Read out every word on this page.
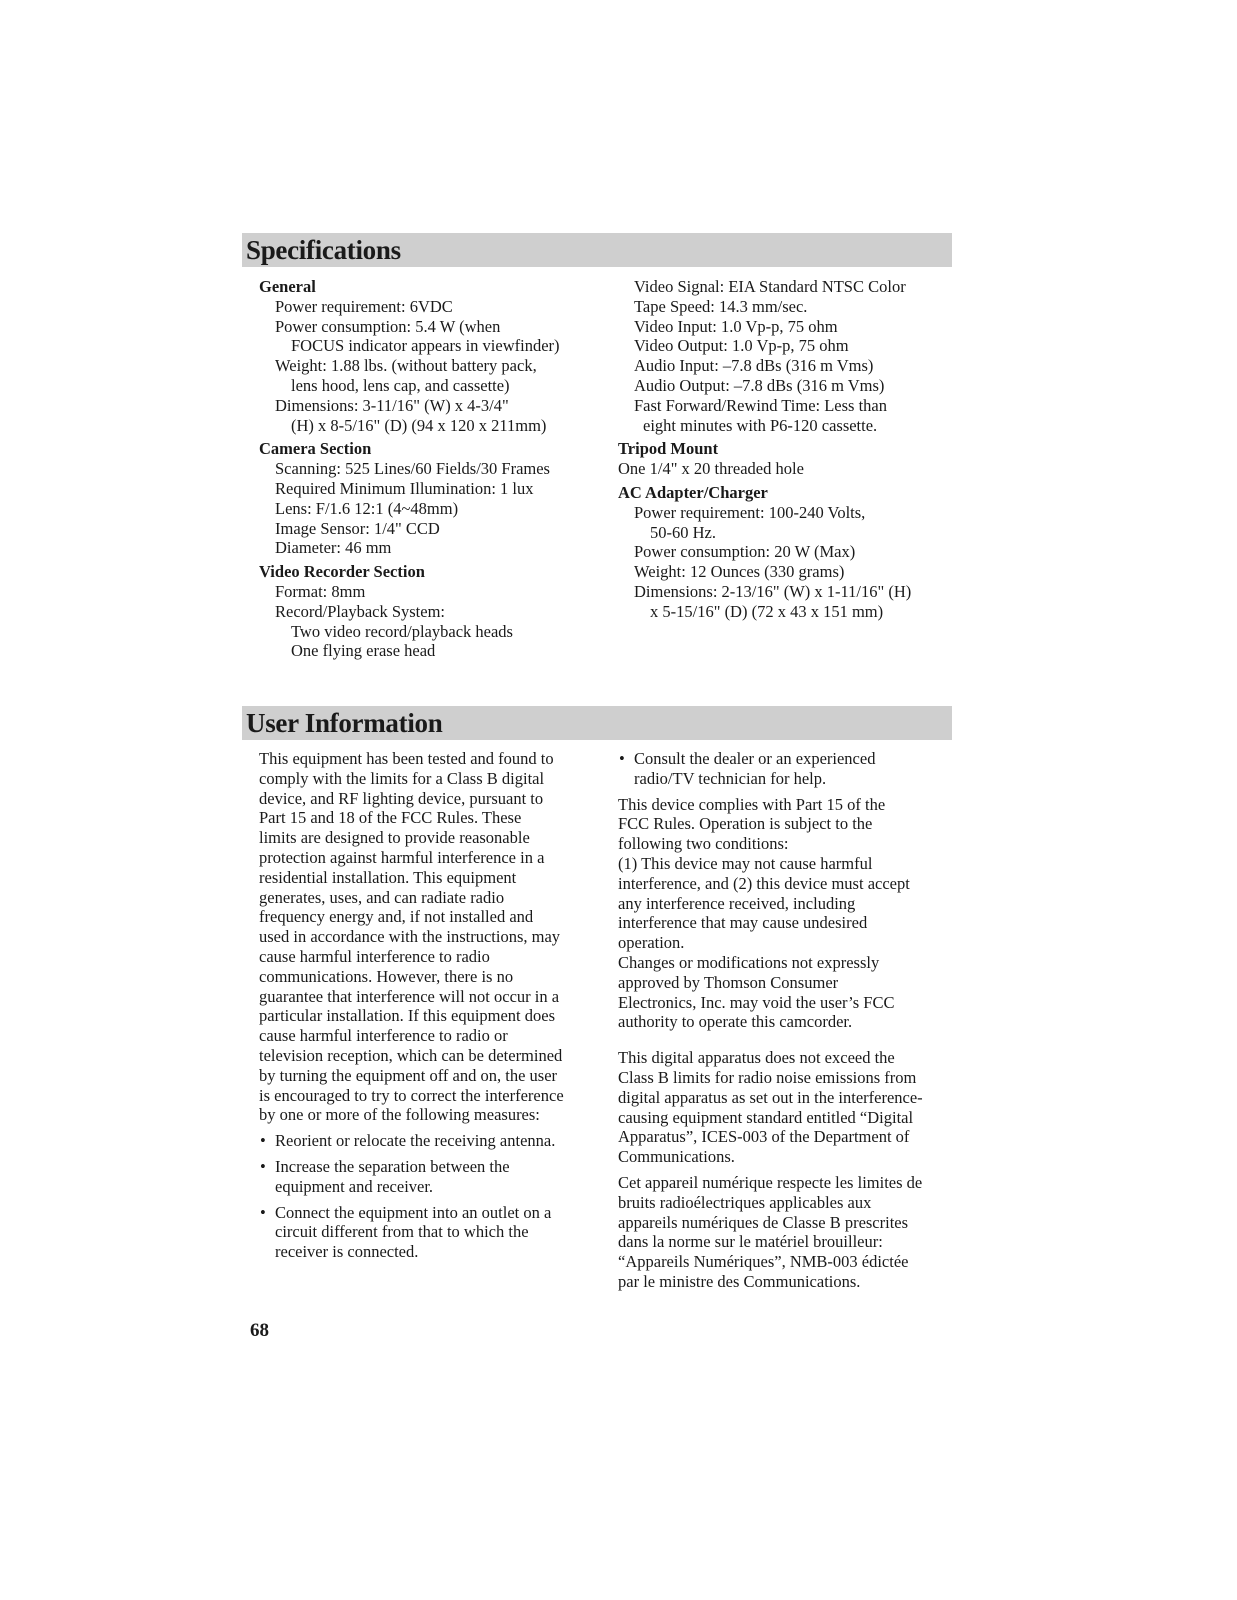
Specifications

General

Power requirement: 6VDC

Power consumption: 5.4 W (when

FOCUS indicator appears in viewfinder)

Weight: 1.88 lbs. (without battery pack,

lens hood, lens cap, and cassette)

Dimensions: 3-11/16" (W) x 4-3/4"

(H) x 8-5/16" (D) (94 x 120 x 211mm)

Camera Section

Scanning: 525 Lines/60 Fields/30 Frames

Required Minimum Illumination: 1 lux

Lens: F/1.6 12:1 (4~48mm)

Image Sensor: 1/4" CCD

Diameter: 46 mm

Video Recorder Section

Format: 8mm

Record/Playback System:

Two video record/playback heads

One flying erase head

Video Signal: EIA Standard NTSC Color

Tape Speed: 14.3 mm/sec.

Video Input: 1.0 Vp-p, 75 ohm

Video Output: 1.0 Vp-p, 75 ohm

Audio Input: –7.8 dBs (316 m Vms)

Audio Output: –7.8 dBs (316 m Vms)

Fast Forward/Rewind Time: Less than

eight minutes with P6-120 cassette.

Tripod Mount

One 1/4" x 20 threaded hole

AC Adapter/Charger

Power requirement: 100-240 Volts,

50-60 Hz.

Power consumption: 20 W (Max)

Weight: 12 Ounces (330 grams)

Dimensions: 2-13/16" (W) x 1-11/16" (H)

x 5-15/16" (D) (72 x 43 x 151 mm)

User Information

This equipment has been tested and found to

comply with the limits for a Class B digital

device, and RF lighting device, pursuant to

Part 15 and 18 of the FCC Rules. These

limits are designed to provide reasonable

protection against harmful interference in a

residential installation. This equipment

generates, uses, and can radiate radio

frequency energy and, if not installed and

used in accordance with the instructions, may

cause harmful interference to radio

communications. However, there is no

guarantee that interference will not occur in a

particular installation. If this equipment does

cause harmful interference to radio or

television reception, which can be determined

by turning the equipment off and on, the user

is encouraged to try to correct the interference

by one or more of the following measures:

• Reorient or relocate the receiving antenna.

• Increase the separation between the

equipment and receiver.

• Connect the equipment into an outlet on a

circuit different from that to which the

receiver is connected.

• Consult the dealer or an experienced

radio/TV technician for help.

This device complies with Part 15 of the

FCC Rules. Operation is subject to the

following two conditions:

(1) This device may not cause harmful

interference, and (2) this device must accept

any interference received, including

interference that may cause undesired

operation.

Changes or modifications not expressly

approved by Thomson Consumer

Electronics, Inc. may void the user’s FCC

authority to operate this camcorder.

This digital apparatus does not exceed the

Class B limits for radio noise emissions from

digital apparatus as set out in the interference-

causing equipment standard entitled “Digital

Apparatus”, ICES-003 of the Department of

Communications.

Cet appareil numérique respecte les limites de

bruits radioélectriques applicables aux

appareils numériques de Classe B prescrites

dans la norme sur le matériel brouilleur:

“Appareils Numériques”, NMB-003 édictée

par le ministre des Communications.

68
